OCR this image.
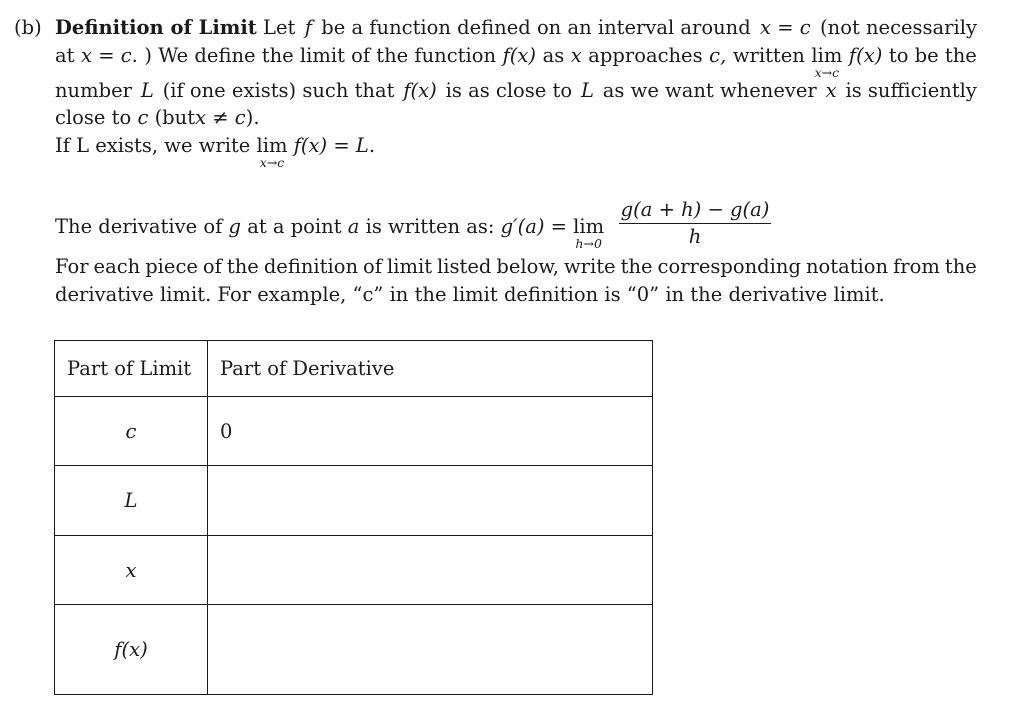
(b) Definition of Limit Let f be a function defined on an interval around x = c (not necessarily
at x = c. ) We define the limit of the function f(x) as x approaches c, written lim
x→c
f(x) to be the
number L (if one exists) such that f(x) is as close to L as we want whenever x is sufficiently
close to c (butx ≠ c).
If L exists, we write lim
x→c
f(x) = L.
The derivative of g at a point a is written as: g′(a) = lim
$h\to 0 \frac{g(a + h) - g(a)}{h}$
For each piece of the definition of limit listed below, write the corresponding notation from the
derivative limit. For example, “c” in the limit definition is “0” in the derivative limit.
Part of Limit	Part of Derivative
c	0
L	
x	
f(x)	
